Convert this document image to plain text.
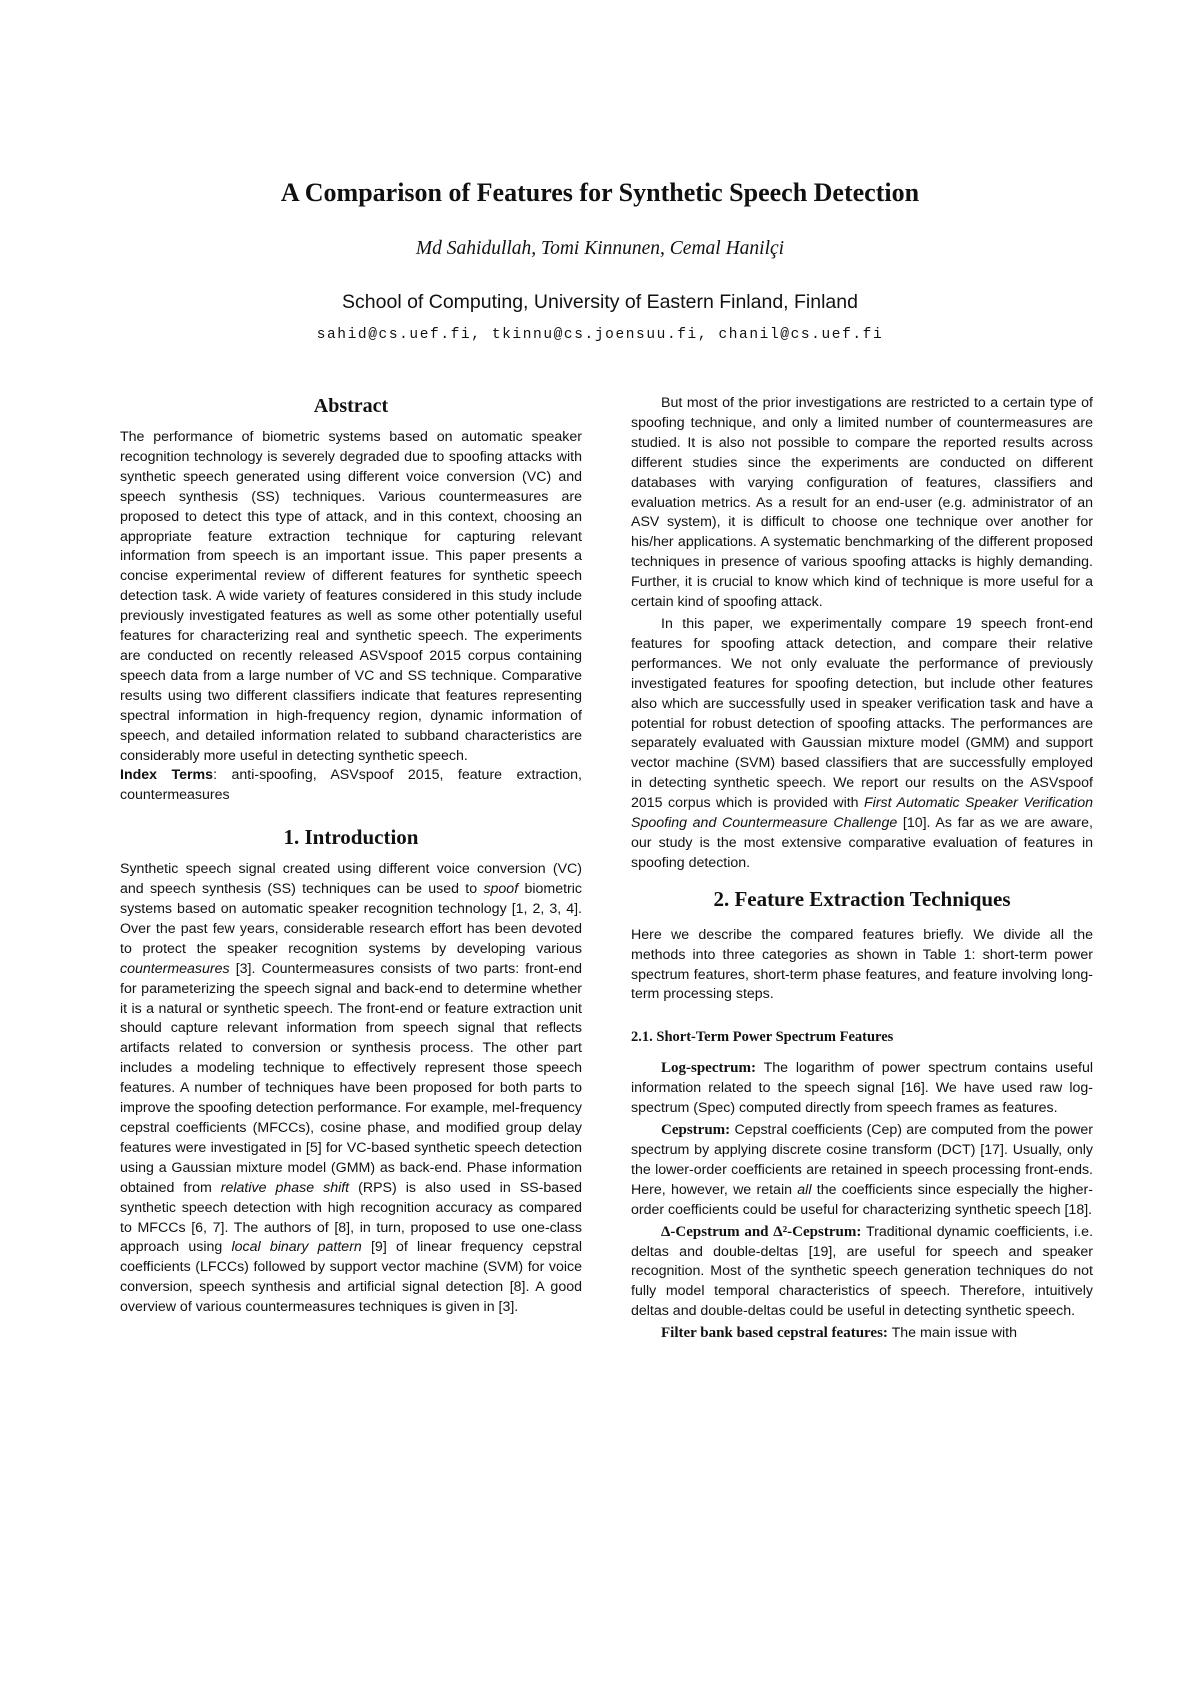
A Comparison of Features for Synthetic Speech Detection
Md Sahidullah, Tomi Kinnunen, Cemal Hanilçi
School of Computing, University of Eastern Finland, Finland
sahid@cs.uef.fi, tkinnu@cs.joensuu.fi, chanil@cs.uef.fi
Abstract

The performance of biometric systems based on automatic speaker recognition technology is severely degraded due to spoofing attacks with synthetic speech generated using different voice conversion (VC) and speech synthesis (SS) techniques. Various countermeasures are proposed to detect this type of attack, and in this context, choosing an appropriate feature extraction technique for capturing relevant information from speech is an important issue. This paper presents a concise experimental review of different features for synthetic speech detection task. A wide variety of features considered in this study include previously investigated features as well as some other potentially useful features for characterizing real and synthetic speech. The experiments are conducted on recently released ASVspoof 2015 corpus containing speech data from a large number of VC and SS technique. Comparative results using two different classifiers indicate that features representing spectral information in high-frequency region, dynamic information of speech, and detailed information related to subband characteristics are considerably more useful in detecting synthetic speech.

Index Terms: anti-spoofing, ASVspoof 2015, feature extraction, countermeasures

1. Introduction

Synthetic speech signal created using different voice conversion (VC) and speech synthesis (SS) techniques can be used to spoof biometric systems based on automatic speaker recognition technology [1, 2, 3, 4]. Over the past few years, considerable research effort has been devoted to protect the speaker recognition systems by developing various countermeasures [3]. Countermeasures consists of two parts: front-end for parameterizing the speech signal and back-end to determine whether it is a natural or synthetic speech. The front-end or feature extraction unit should capture relevant information from speech signal that reflects artifacts related to conversion or synthesis process. The other part includes a modeling technique to effectively represent those speech features. A number of techniques have been proposed for both parts to improve the spoofing detection performance. For example, mel-frequency cepstral coefficients (MFCCs), cosine phase, and modified group delay features were investigated in [5] for VC-based synthetic speech detection using a Gaussian mixture model (GMM) as back-end. Phase information obtained from relative phase shift (RPS) is also used in SS-based synthetic speech detection with high recognition accuracy as compared to MFCCs [6, 7]. The authors of [8], in turn, proposed to use one-class approach using local binary pattern [9] of linear frequency cepstral coefficients (LFCCs) followed by support vector machine (SVM) for voice conversion, speech synthesis and artificial signal detection [8]. A good overview of various countermeasures techniques is given in [3].

But most of the prior investigations are restricted to a certain type of spoofing technique, and only a limited number of countermeasures are studied. It is also not possible to compare the reported results across different studies since the experiments are conducted on different databases with varying configuration of features, classifiers and evaluation metrics. As a result for an end-user (e.g. administrator of an ASV system), it is difficult to choose one technique over another for his/her applications. A systematic benchmarking of the different proposed techniques in presence of various spoofing attacks is highly demanding. Further, it is crucial to know which kind of technique is more useful for a certain kind of spoofing attack.

In this paper, we experimentally compare 19 speech front-end features for spoofing attack detection, and compare their relative performances. We not only evaluate the performance of previously investigated features for spoofing detection, but include other features also which are successfully used in speaker verification task and have a potential for robust detection of spoofing attacks. The performances are separately evaluated with Gaussian mixture model (GMM) and support vector machine (SVM) based classifiers that are successfully employed in detecting synthetic speech. We report our results on the ASVspoof 2015 corpus which is provided with First Automatic Speaker Verification Spoofing and Countermeasure Challenge [10]. As far as we are aware, our study is the most extensive comparative evaluation of features in spoofing detection.

2. Feature Extraction Techniques

Here we describe the compared features briefly. We divide all the methods into three categories as shown in Table 1: short-term power spectrum features, short-term phase features, and feature involving long-term processing steps.

2.1. Short-Term Power Spectrum Features

Log-spectrum: The logarithm of power spectrum contains useful information related to the speech signal [16]. We have used raw log-spectrum (Spec) computed directly from speech frames as features.

Cepstrum: Cepstral coefficients (Cep) are computed from the power spectrum by applying discrete cosine transform (DCT) [17]. Usually, only the lower-order coefficients are retained in speech processing front-ends. Here, however, we retain all the coefficients since especially the higher-order coefficients could be useful for characterizing synthetic speech [18].

Δ-Cepstrum and Δ²-Cepstrum: Traditional dynamic coefficients, i.e. deltas and double-deltas [19], are useful for speech and speaker recognition. Most of the synthetic speech generation techniques do not fully model temporal characteristics of speech. Therefore, intuitively deltas and double-deltas could be useful in detecting synthetic speech.

Filter bank based cepstral features: The main issue with
